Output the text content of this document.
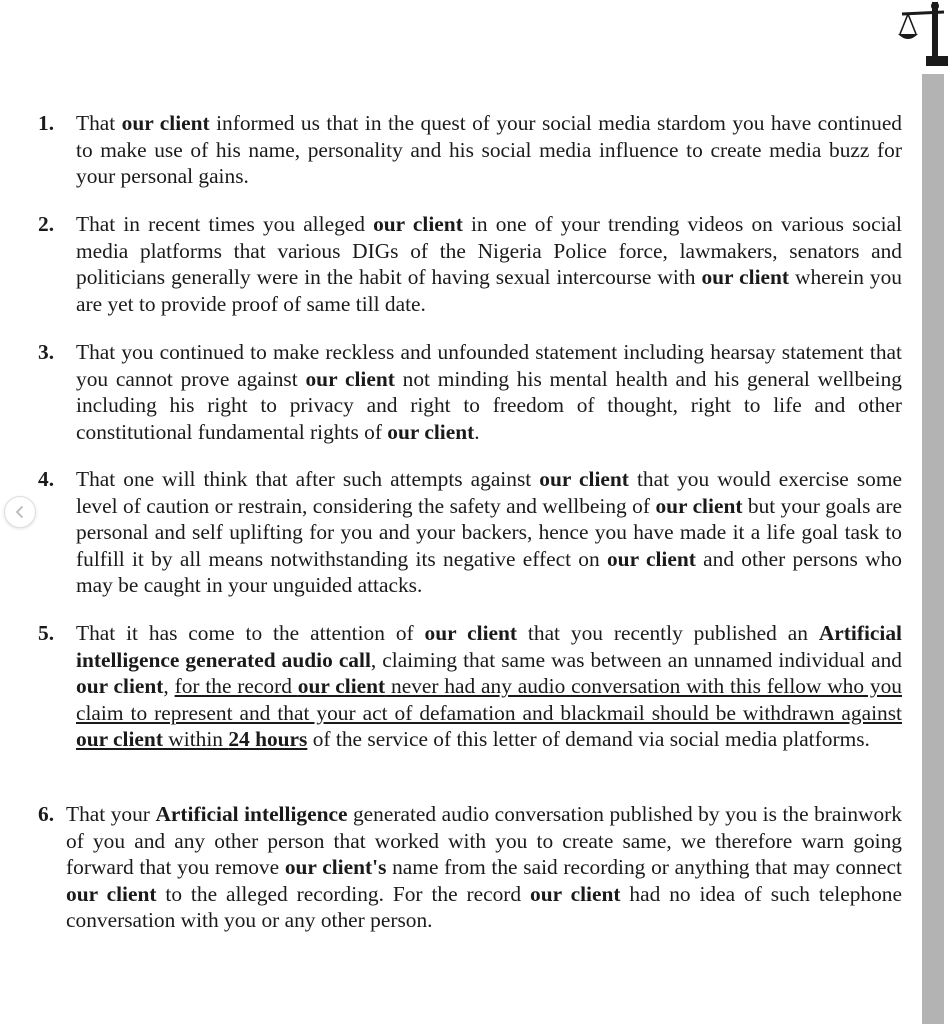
1. That our client informed us that in the quest of your social media stardom you have continued to make use of his name, personality and his social media influence to create media buzz for your personal gains.
2. That in recent times you alleged our client in one of your trending videos on various social media platforms that various DIGs of the Nigeria Police force, lawmakers, senators and politicians generally were in the habit of having sexual intercourse with our client wherein you are yet to provide proof of same till date.
3. That you continued to make reckless and unfounded statement including hearsay statement that you cannot prove against our client not minding his mental health and his general wellbeing including his right to privacy and right to freedom of thought, right to life and other constitutional fundamental rights of our client.
4. That one will think that after such attempts against our client that you would exercise some level of caution or restrain, considering the safety and wellbeing of our client but your goals are personal and self uplifting for you and your backers, hence you have made it a life goal task to fulfill it by all means notwithstanding its negative effect on our client and other persons who may be caught in your unguided attacks.
5. That it has come to the attention of our client that you recently published an Artificial intelligence generated audio call, claiming that same was between an unnamed individual and our client, for the record our client never had any audio conversation with this fellow who you claim to represent and that your act of defamation and blackmail should be withdrawn against our client within 24 hours of the service of this letter of demand via social media platforms.
6. That your Artificial intelligence generated audio conversation published by you is the brainwork of you and any other person that worked with you to create same, we therefore warn going forward that you remove our client's name from the said recording or anything that may connect our client to the alleged recording. For the record our client had no idea of such telephone conversation with you or any other person.
